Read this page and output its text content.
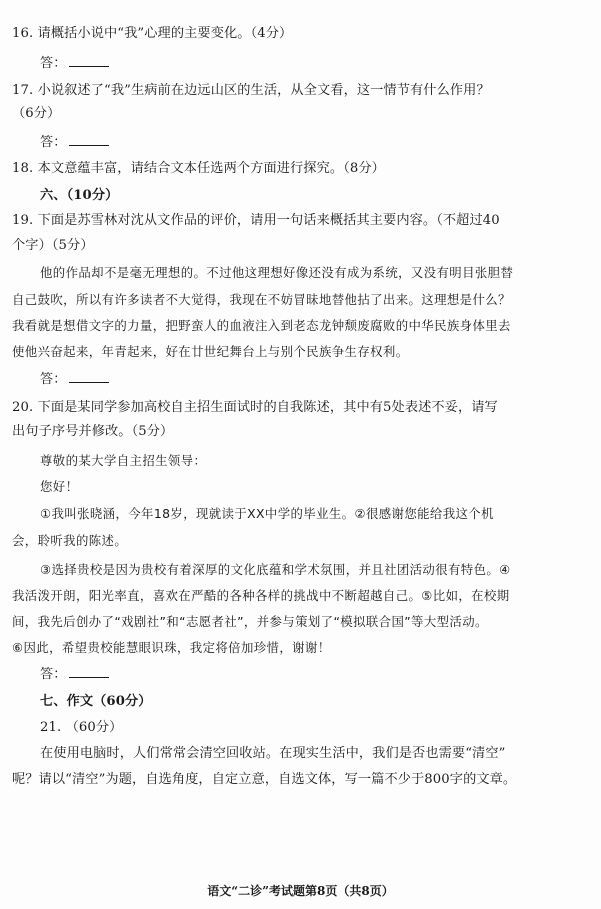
16. 请概括小说中“我”心理的主要变化。（4分）
答：
17. 小说叙述了“我”生病前在边远山区的生活，从全文看，这一情节有什么作用？
（6分）
答：
18. 本文意蕴丰富，请结合文本任选两个方面进行探究。（8分）
六、（10分）
19. 下面是苏雪林对沈从文作品的评价，请用一句话来概括其主要内容。（不超过40
个字）（5分）
他的作品却不是毫无理想的。不过他这理想好像还没有成为系统，又没有明目张胆替
自己鼓吹，所以有许多读者不大觉得，我现在不妨冒昧地替他拈了出来。这理想是什么？
我看就是想借文字的力量，把野蛮人的血液注入到老态龙钟颓废腐败的中华民族身体里去
使他兴奋起来，年青起来，好在廿世纪舞台上与别个民族争生存权利。
答：
20. 下面是某同学参加高校自主招生面试时的自我陈述，其中有5处表述不妥，请写
出句子序号并修改。（5分）
尊敬的某大学自主招生领导：
您好！
①我叫张晓涵，今年18岁，现就读于XX中学的毕业生。②很感谢您能给我这个机
会，聆听我的陈述。
③选择贵校是因为贵校有着深厚的文化底蕴和学术氛围，并且社团活动很有特色。④
我活泼开朗，阳光率直，喜欢在严酷的各种各样的挑战中不断超越自己。⑤比如，在校期
间，我先后创办了“戏剧社”和“志愿者社”，并参与策划了“模拟联合国”等大型活动。
⑥因此，希望贵校能慧眼识珠，我定将倍加珍惜，谢谢！
答：
七、作文（60分）
21. （60分）
在使用电脑时，人们常常会清空回收站。在现实生活中，我们是否也需要“清空”
呢？请以“清空”为题，自选角度，自定立意，自选文体，写一篇不少于800字的文章。
语文“二诊”考试题第8页（共8页）
